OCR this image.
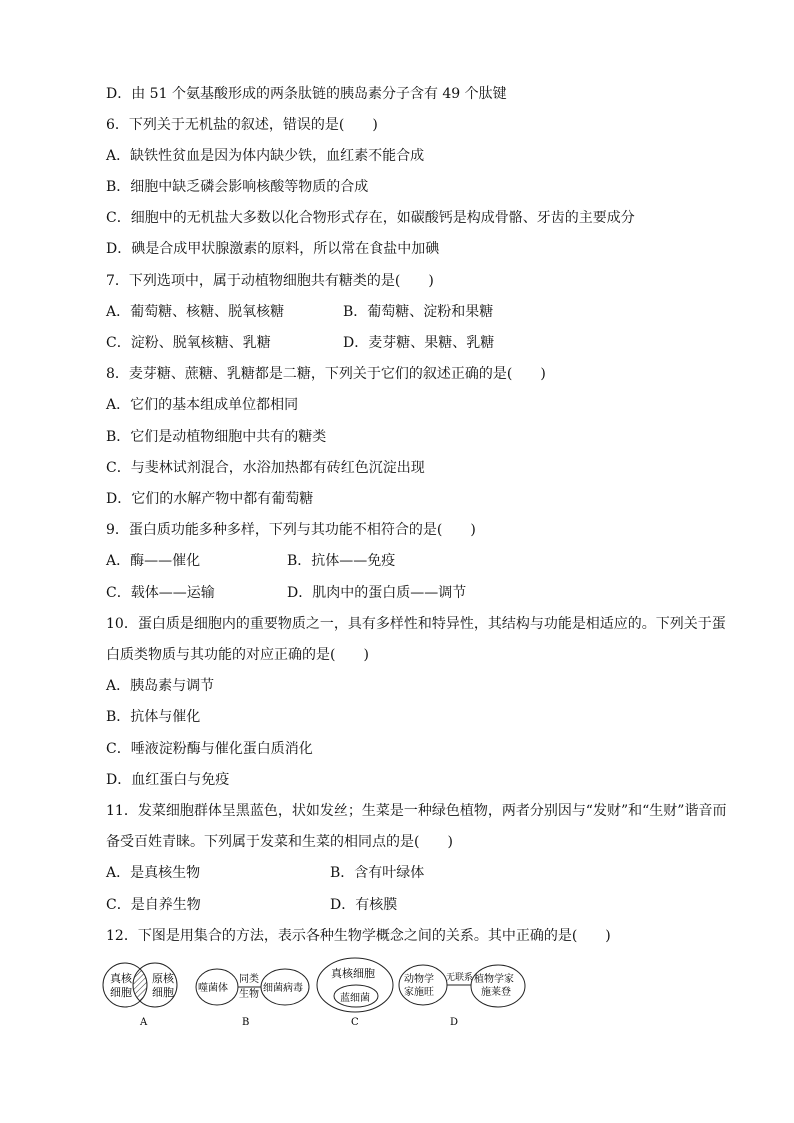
D．由 51 个氨基酸形成的两条肽链的胰岛素分子含有 49 个肽键
6．下列关于无机盐的叙述，错误的是(　　)
A．缺铁性贫血是因为体内缺少铁，血红素不能合成
B．细胞中缺乏磷会影响核酸等物质的合成
C．细胞中的无机盐大多数以化合物形式存在，如碳酸钙是构成骨骼、牙齿的主要成分
D．碘是合成甲状腺激素的原料，所以常在食盐中加碘
7．下列选项中，属于动植物细胞共有糖类的是(　　)
A．葡萄糖、核糖、脱氧核糖	B．葡萄糖、淀粉和果糖
C．淀粉、脱氧核糖、乳糖	D．麦芽糖、果糖、乳糖
8．麦芽糖、蔗糖、乳糖都是二糖，下列关于它们的叙述正确的是(　　)
A．它们的基本组成单位都相同
B．它们是动植物细胞中共有的糖类
C．与斐林试剂混合，水浴加热都有砖红色沉淀出现
D．它们的水解产物中都有葡萄糖
9．蛋白质功能多种多样，下列与其功能不相符合的是(　　)
A．酶——催化	B．抗体——免疫
C．载体——运输	D．肌肉中的蛋白质——调节
10．蛋白质是细胞内的重要物质之一，具有多样性和特异性，其结构与功能是相适应的。下列关于蛋
白质类物质与其功能的对应正确的是(　　)
A．胰岛素与调节
B．抗体与催化
C．唾液淀粉酶与催化蛋白质消化
D．血红蛋白与免疫
11．发菜细胞群体呈黑蓝色，状如发丝；生菜是一种绿色植物，两者分别因与“发财”和“生财”谐音而
备受百姓青睐。下列属于发菜和生菜的相同点的是(　　)
A．是真核生物	B．含有叶绿体
C．是自养生物	D．有核膜
12．下图是用集合的方法，表示各种生物学概念之间的关系。其中正确的是(　　)
真核
细胞
原核
细胞
A
噬菌体
同类
生物
细菌病毒
B
真核细胞
蓝细菌
C
动物学
家施旺
无联系 植物学家
施莱登
D
